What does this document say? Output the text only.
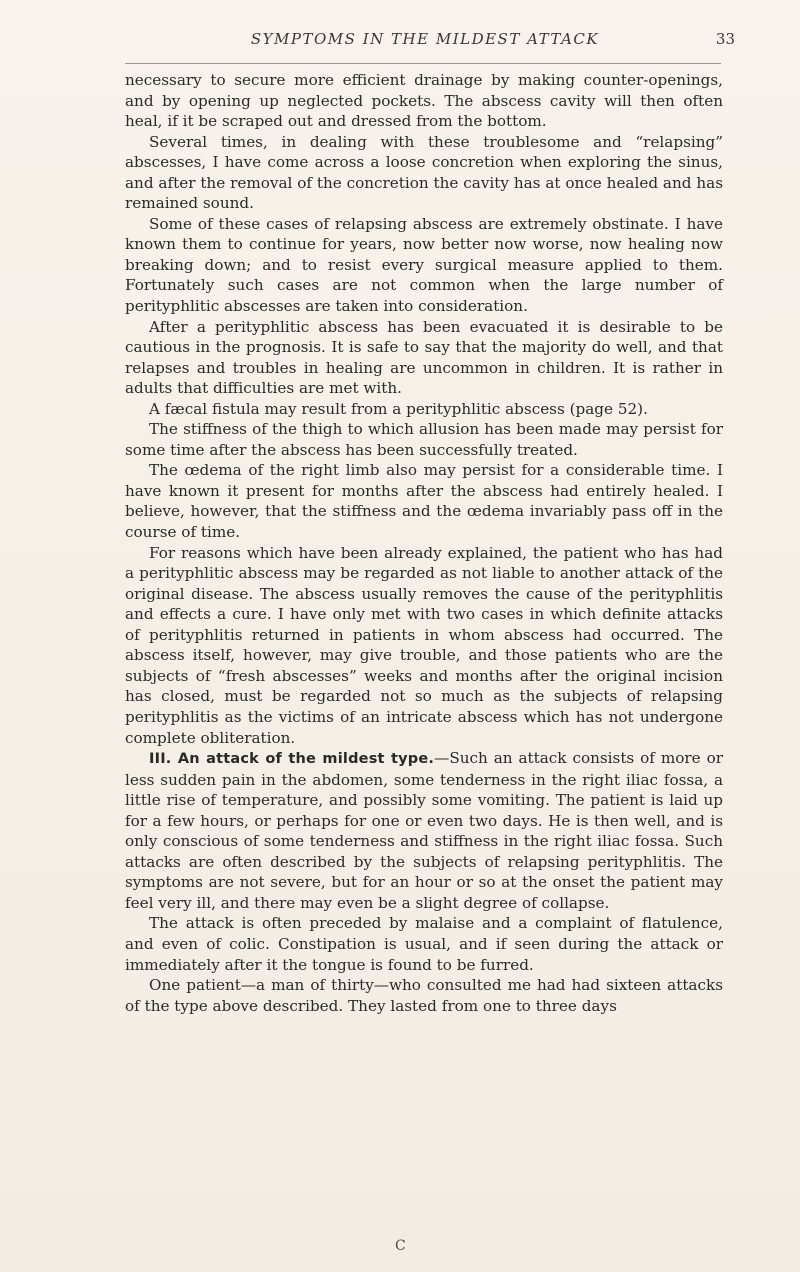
SYMPTOMS IN THE MILDEST ATTACK	33

necessary to secure more efficient drainage by making counter-openings, and by opening up neglected pockets. The abscess cavity will then often heal, if it be scraped out and dressed from the bottom.

Several times, in dealing with these troublesome and “relapsing” abscesses, I have come across a loose concretion when exploring the sinus, and after the removal of the concretion the cavity has at once healed and has remained sound.

Some of these cases of relapsing abscess are extremely obstinate. I have known them to continue for years, now better now worse, now healing now breaking down; and to resist every surgical measure applied to them. Fortunately such cases are not common when the large number of perityphlitic abscesses are taken into consideration.

After a perityphlitic abscess has been evacuated it is desirable to be cautious in the prognosis. It is safe to say that the majority do well, and that relapses and troubles in healing are uncommon in children. It is rather in adults that difficulties are met with.

A fæcal fistula may result from a perityphlitic abscess (page 52).

The stiffness of the thigh to which allusion has been made may persist for some time after the abscess has been successfully treated.

The œdema of the right limb also may persist for a considerable time. I have known it present for months after the abscess had entirely healed. I believe, however, that the stiffness and the œdema invariably pass off in the course of time.

For reasons which have been already explained, the patient who has had a perityphlitic abscess may be regarded as not liable to another attack of the original disease. The abscess usually removes the cause of the perityphlitis and effects a cure. I have only met with two cases in which definite attacks of perityphlitis returned in patients in whom abscess had occurred. The abscess itself, however, may give trouble, and those patients who are the subjects of “fresh abscesses” weeks and months after the original incision has closed, must be regarded not so much as the subjects of relapsing perityphlitis as the victims of an intricate abscess which has not undergone complete obliteration.

III. An attack of the mildest type.—Such an attack consists of more or less sudden pain in the abdomen, some tenderness in the right iliac fossa, a little rise of temperature, and possibly some vomiting. The patient is laid up for a few hours, or perhaps for one or even two days. He is then well, and is only conscious of some tenderness and stiffness in the right iliac fossa. Such attacks are often described by the subjects of relapsing perityphlitis. The symptoms are not severe, but for an hour or so at the onset the patient may feel very ill, and there may even be a slight degree of collapse.

The attack is often preceded by malaise and a complaint of flatulence, and even of colic. Constipation is usual, and if seen during the attack or immediately after it the tongue is found to be furred.

One patient—a man of thirty—who consulted me had had sixteen attacks of the type above described. They lasted from one to three days

C
